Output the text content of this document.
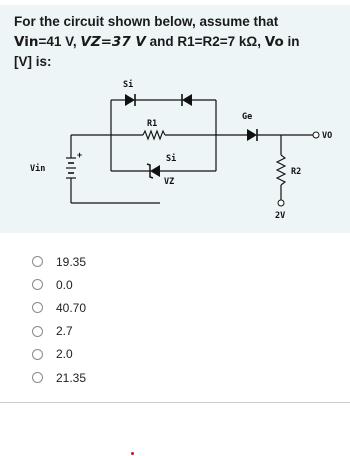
For the circuit shown below, assume that
Vin=41 V, VZ=37 V and R1=R2=7 kΩ, Vo in
[V] is:
Si
R1
Si
VZ
Vin
Ge
VO
R2
2V
+
19.35
0.0
40.70
2.7
2.0
21.35
